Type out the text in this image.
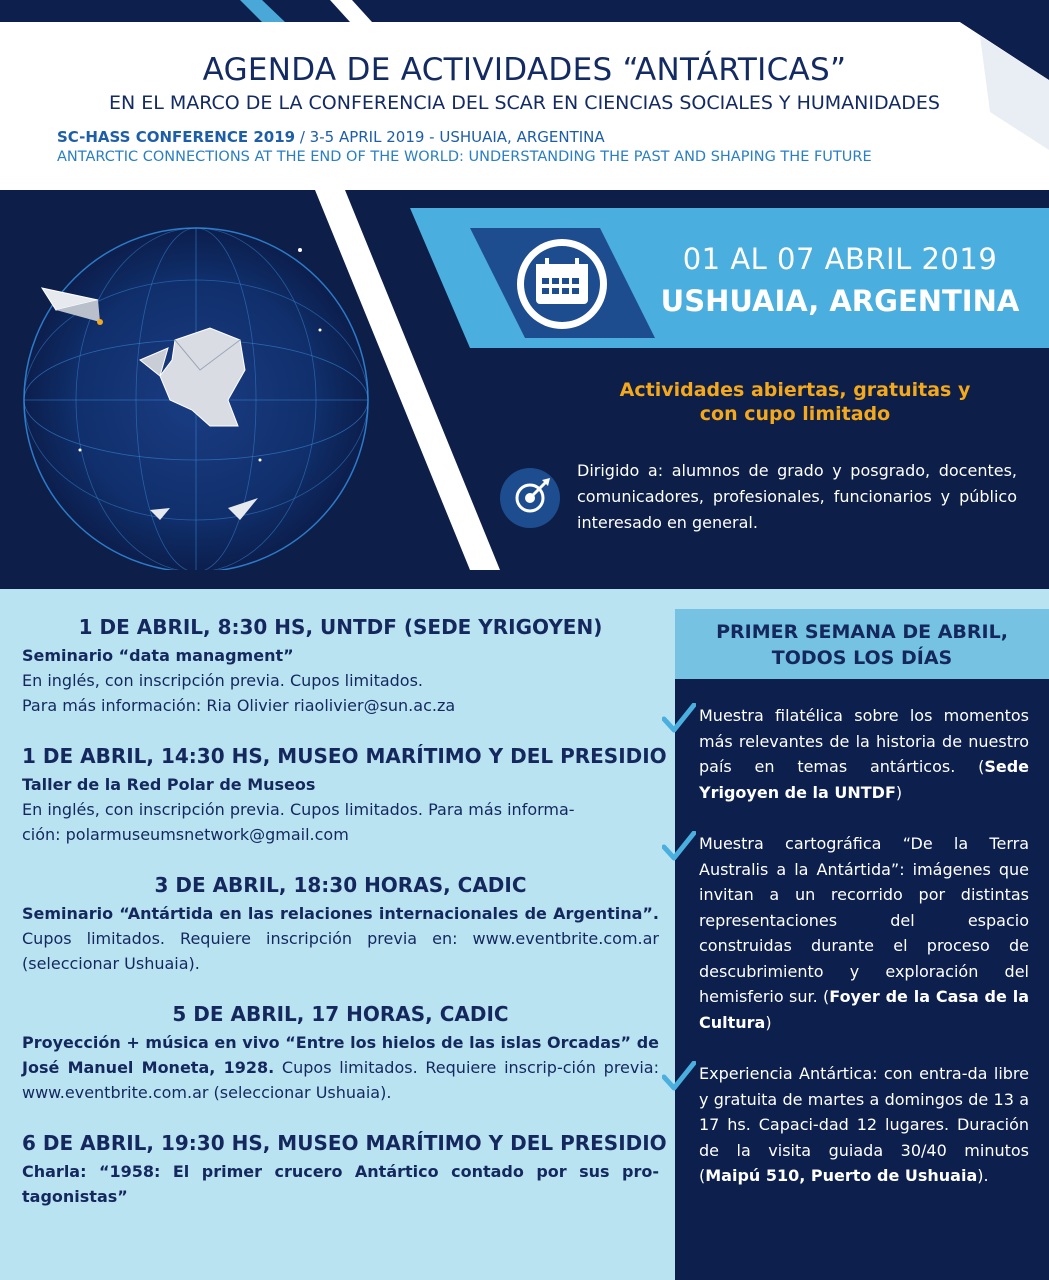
AGENDA DE ACTIVIDADES “ANTÁRTICAS”
EN EL MARCO DE LA CONFERENCIA DEL SCAR EN CIENCIAS SOCIALES Y HUMANIDADES
SC-HASS CONFERENCE 2019 / 3-5 APRIL 2019 - USHUAIA, ARGENTINA
ANTARCTIC CONNECTIONS AT THE END OF THE WORLD: UNDERSTANDING THE PAST AND SHAPING THE FUTURE
01 AL 07 ABRIL 2019
USHUAIA, ARGENTINA
Actividades abiertas, gratuitas y
con cupo limitado
Dirigido a: alumnos de grado y posgrado, docentes, comunicadores, profesionales, funcionarios y público interesado en general.
1 DE ABRIL, 8:30 HS, UNTDF (SEDE YRIGOYEN)
Seminario “data managment”
En inglés, con inscripción previa. Cupos limitados.
Para más información: Ria Olivier riaolivier@sun.ac.za
1 DE ABRIL, 14:30 HS, MUSEO MARÍTIMO Y DEL PRESIDIO
Taller de la Red Polar de Museos
En inglés, con inscripción previa. Cupos limitados. Para más informa-
ción: polarmuseumsnetwork@gmail.com
3 DE ABRIL, 18:30 HORAS, CADIC
Seminario “Antártida en las relaciones internacionales de Argentina”. Cupos limitados. Requiere inscripción previa en: www.eventbrite.com.ar (seleccionar Ushuaia).
5 DE ABRIL, 17 HORAS, CADIC
Proyección + música en vivo “Entre los hielos de las islas Orcadas” de José Manuel Moneta, 1928. Cupos limitados. Requiere inscrip-ción previa: www.eventbrite.com.ar (seleccionar Ushuaia).
6 DE ABRIL, 19:30 HS, MUSEO MARÍTIMO Y DEL PRESIDIO
Charla: “1958: El primer crucero Antártico contado por sus pro-tagonistas”
PRIMER SEMANA DE ABRIL,
TODOS LOS DÍAS
Muestra filatélica sobre los momentos más relevantes de la historia de nuestro país en temas antárticos. (Sede Yrigoyen de la UNTDF)
Muestra cartográfica “De la Terra Australis a la Antártida”: imágenes que invitan a un recorrido por distintas representaciones del espacio construidas durante el proceso de descubrimiento y exploración del hemisferio sur. (Foyer de la Casa de la Cultura)
Experiencia Antártica: con entra-da libre y gratuita de martes a domingos de 13 a 17 hs. Capaci-dad 12 lugares. Duración de la visita guiada 30/40 minutos (Maipú 510, Puerto de Ushuaia).
